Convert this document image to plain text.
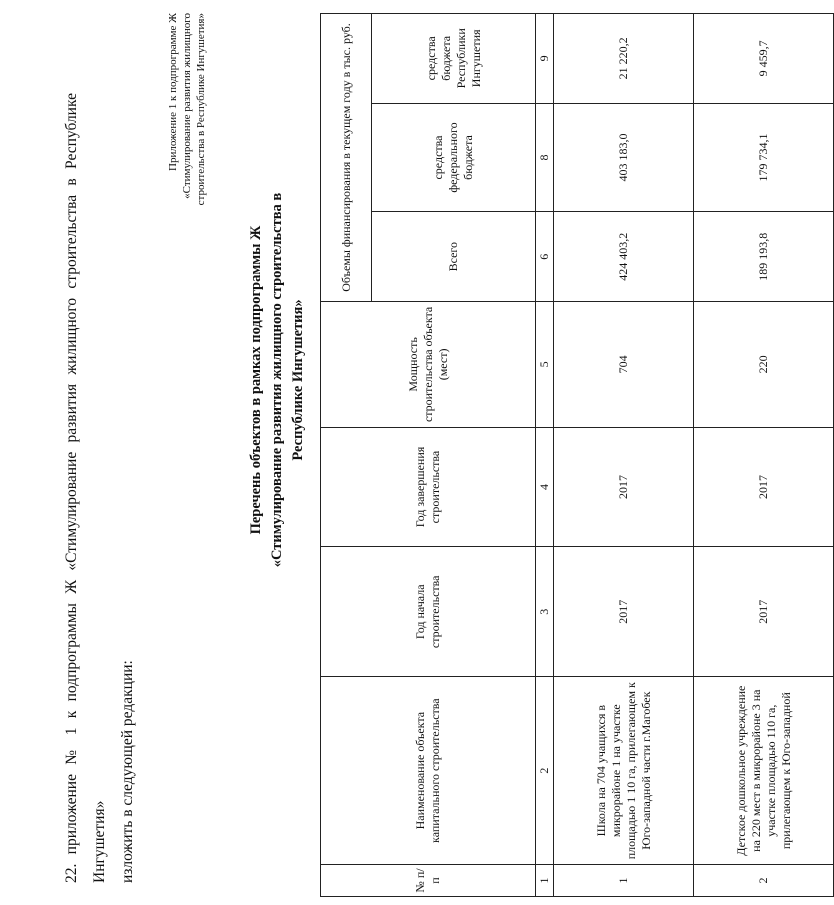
22. приложение № 1 к подпрограммы Ж «Стимулирование развития жилищного строительства в Республике Ингушетия» изложить в следующей редакции:

Приложение 1 к подпрограмме Ж «Стимулирование развития жилищного строительства в Республике Ингушетия»
Перечень объектов в рамках подпрограммы Ж «Стимулирование развития жилищного строительства в Республике Ингушетия»
№ п/п	Наименование объекта капитального строительства	Год начала строительства	Год завершения строительства	Мощность строительства объекта (мест)	Объемы финансирования в текущем году в тыс. руб.		
					Всего	средства федерального бюджета	средства бюджета Республики Ингушетия
1	2	3	4	5	6	8	9
1	Школа на 704 учащихся в микрорайоне 1 на участке площадью 1 10 га, прилегающем к Юго-западной части г.Магобек	2017	2017	704	424 403,2	403 183,0	21 220,2
2	Детское дошкольное учреждение на 220 мест в микрорайоне 3 на участке площадью 110 га, прилегающем к Юго-западной	2017	2017	220	189 193,8	179 734,1	9 459,7
